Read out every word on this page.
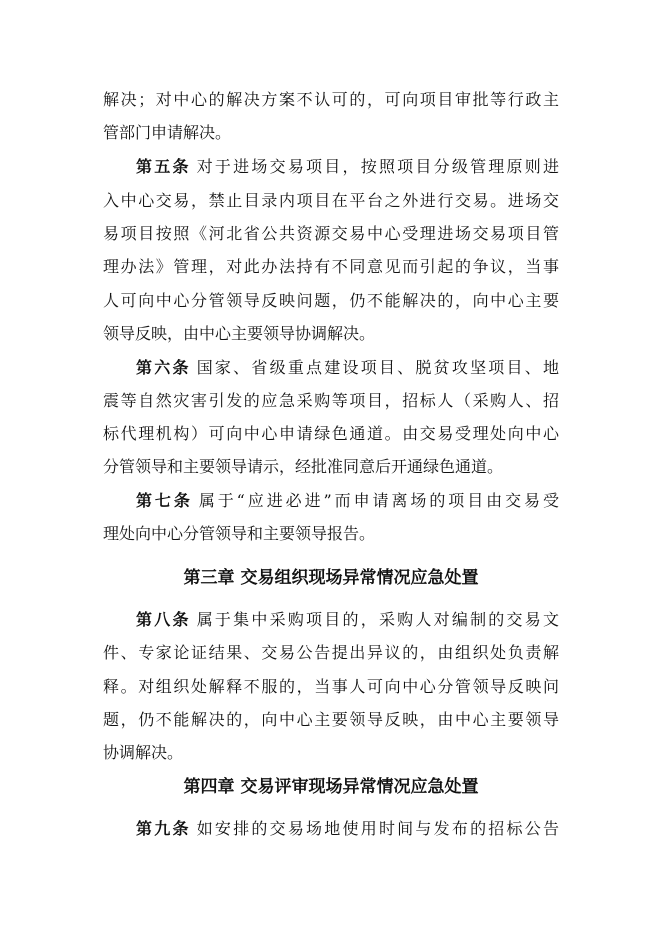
解决；对中心的解决方案不认可的，可向项目审批等行政主
管部门申请解决。
第五条 对于进场交易项目，按照项目分级管理原则进
入中心交易，禁止目录内项目在平台之外进行交易。进场交
易项目按照《河北省公共资源交易中心受理进场交易项目管
理办法》管理，对此办法持有不同意见而引起的争议，当事
人可向中心分管领导反映问题，仍不能解决的，向中心主要
领导反映，由中心主要领导协调解决。
第六条 国家、省级重点建设项目、脱贫攻坚项目、地
震等自然灾害引发的应急采购等项目，招标人（采购人、招
标代理机构）可向中心申请绿色通道。由交易受理处向中心
分管领导和主要领导请示，经批准同意后开通绿色通道。
第七条 属于“应进必进”而申请离场的项目由交易受
理处向中心分管领导和主要领导报告。
第三章 交易组织现场异常情况应急处置
第八条 属于集中采购项目的，采购人对编制的交易文
件、专家论证结果、交易公告提出异议的，由组织处负责解
释。对组织处解释不服的，当事人可向中心分管领导反映问
题，仍不能解决的，向中心主要领导反映，由中心主要领导
协调解决。
第四章 交易评审现场异常情况应急处置
第九条 如安排的交易场地使用时间与发布的招标公告
